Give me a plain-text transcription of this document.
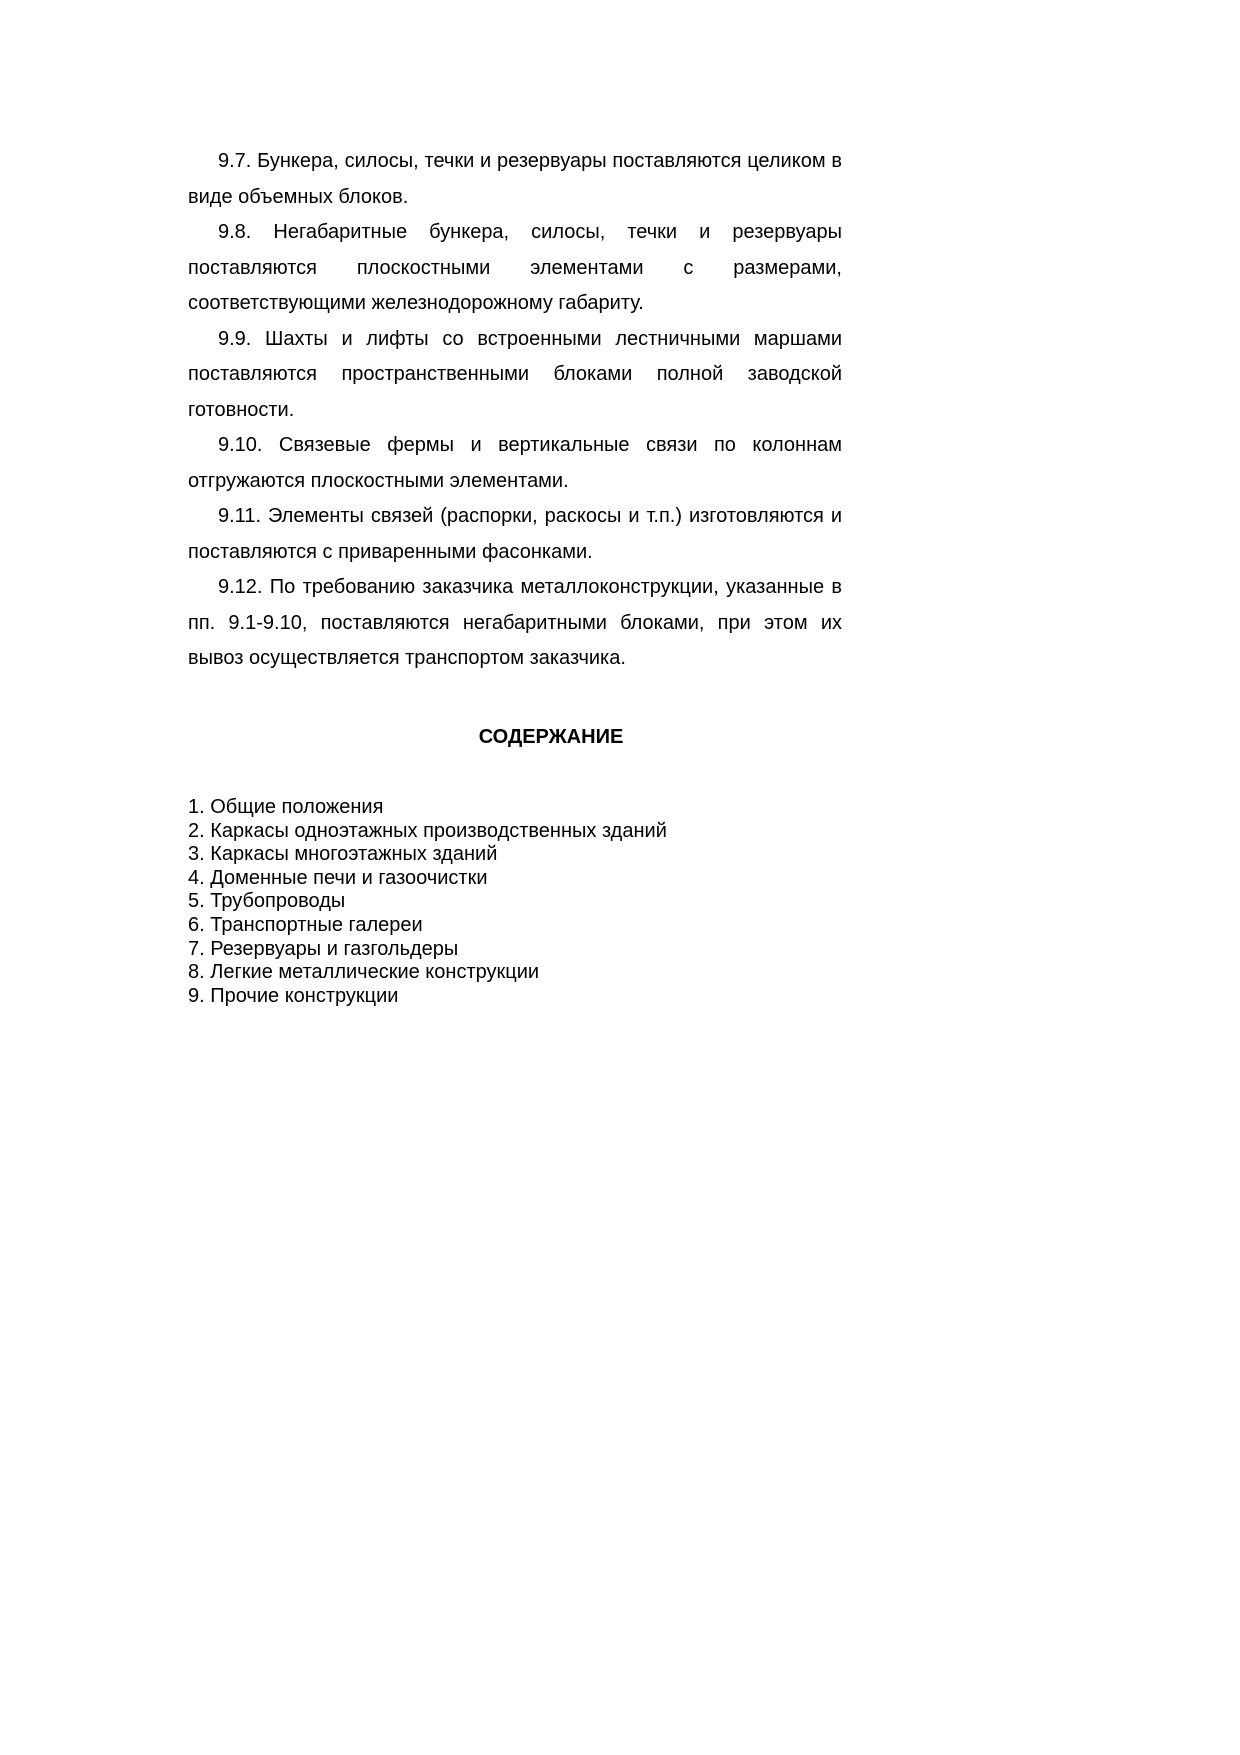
9.7. Бункера, силосы, течки и резервуары поставляются целиком в виде объемных блоков.

9.8. Негабаритные бункера, силосы, течки и резервуары поставляются плоскостными элементами с размерами, соответствующими железнодорожному габариту.

9.9. Шахты и лифты со встроенными лестничными маршами поставляются пространственными блоками полной заводской готовности.

9.10. Связевые фермы и вертикальные связи по колоннам отгружаются плоскостными элементами.

9.11. Элементы связей (распорки, раскосы и т.п.) изготовляются и поставляются с приваренными фасонками.

9.12. По требованию заказчика металлоконструкции, указанные в пп. 9.1-9.10, поставляются негабаритными блоками, при этом их вывоз осуществляется транспортом заказчика.

СОДЕРЖАНИЕ
1. Общие положения
2. Каркасы одноэтажных производственных зданий
3. Каркасы многоэтажных зданий
4. Доменные печи и газоочистки
5. Трубопроводы
6. Транспортные галереи
7. Резервуары и газгольдеры
8. Легкие металлические конструкции
9. Прочие конструкции
